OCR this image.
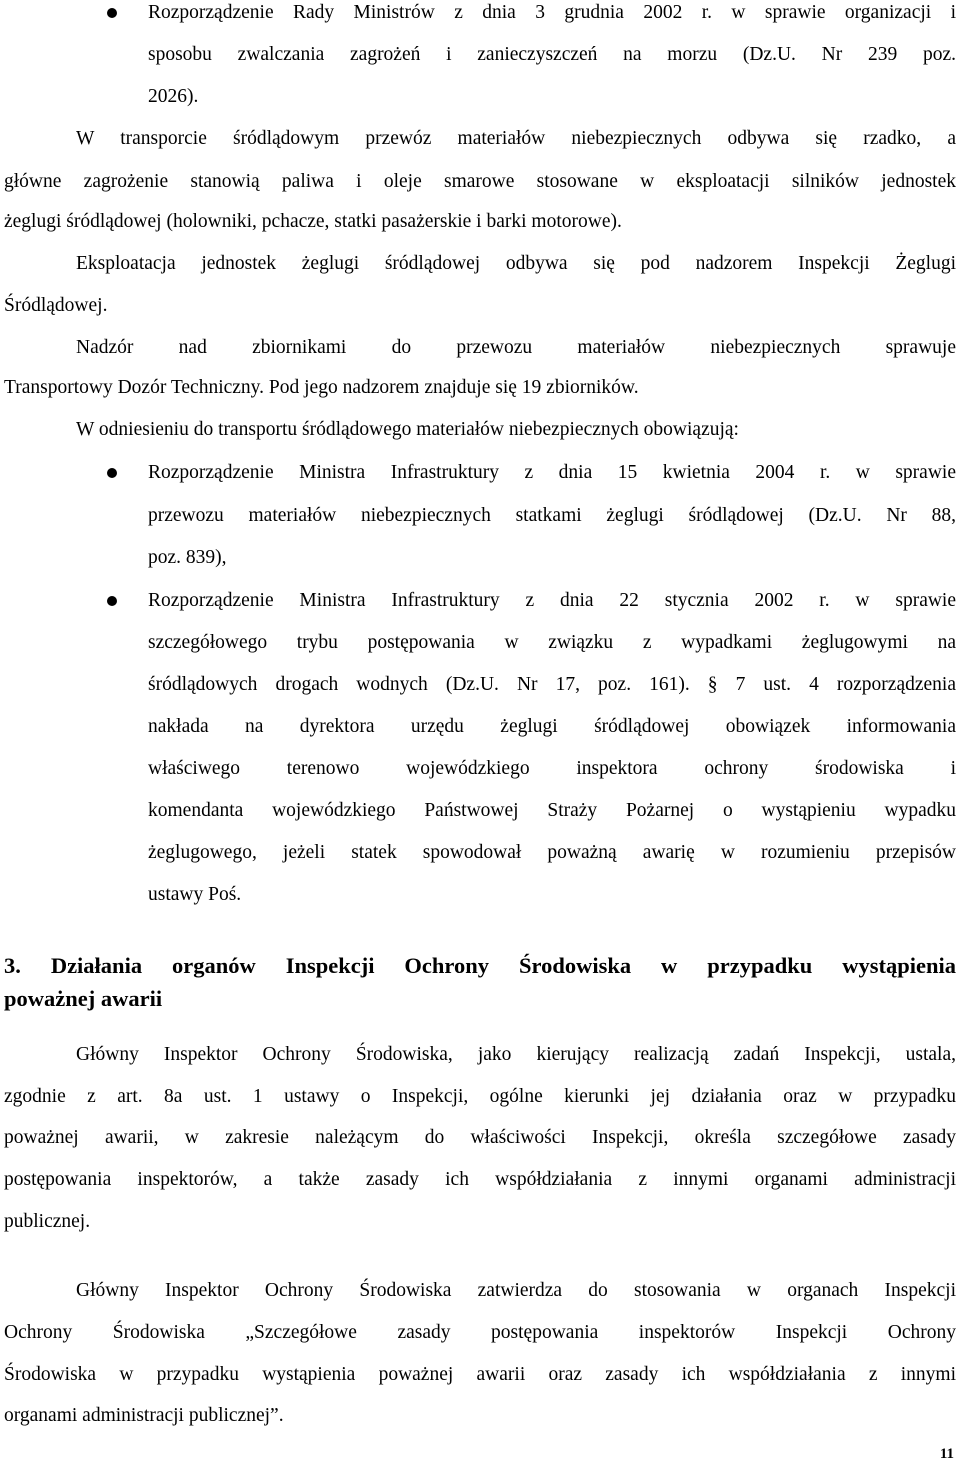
Rozporządzenie Rady Ministrów z dnia 3 grudnia 2002 r. w sprawie organizacji i
sposobu zwalczania zagrożeń i zanieczyszczeń na morzu (Dz.U. Nr 239 poz.
2026).
W transporcie śródlądowym przewóz materiałów niebezpiecznych odbywa się rzadko, a
główne zagrożenie stanowią paliwa i oleje smarowe stosowane w eksploatacji silników jednostek
żeglugi śródlądowej (holowniki, pchacze, statki pasażerskie i barki motorowe).
Eksploatacja jednostek żeglugi śródlądowej odbywa się pod nadzorem Inspekcji Żeglugi
Śródlądowej.
Nadzór nad zbiornikami do przewozu materiałów niebezpiecznych sprawuje
Transportowy Dozór Techniczny. Pod jego nadzorem znajduje się 19 zbiorników.
W odniesieniu do transportu śródlądowego materiałów niebezpiecznych obowiązują:
Rozporządzenie Ministra Infrastruktury z dnia 15 kwietnia 2004 r. w sprawie
przewozu materiałów niebezpiecznych statkami żeglugi śródlądowej (Dz.U. Nr 88,
poz. 839),
Rozporządzenie Ministra Infrastruktury z dnia 22 stycznia 2002 r. w sprawie
szczegółowego trybu postępowania w związku z wypadkami żeglugowymi na
śródlądowych drogach wodnych (Dz.U. Nr 17, poz. 161). § 7 ust. 4 rozporządzenia
nakłada na dyrektora urzędu żeglugi śródlądowej obowiązek informowania
właściwego terenowo wojewódzkiego inspektora ochrony środowiska i
komendanta wojewódzkiego Państwowej Straży Pożarnej o wystąpieniu wypadku
żeglugowego, jeżeli statek spowodował poważną awarię w rozumieniu przepisów
ustawy Poś.
3. Działania organów Inspekcji Ochrony Środowiska w przypadku wystąpienia
poważnej awarii
Główny Inspektor Ochrony Środowiska, jako kierujący realizacją zadań Inspekcji, ustala,
zgodnie z art. 8a ust. 1 ustawy o Inspekcji, ogólne kierunki jej działania oraz w przypadku
poważnej awarii, w zakresie należącym do właściwości Inspekcji, określa szczegółowe zasady
postępowania inspektorów, a także zasady ich współdziałania z innymi organami administracji
publicznej.
Główny Inspektor Ochrony Środowiska zatwierdza do stosowania w organach Inspekcji
Ochrony Środowiska „Szczegółowe zasady postępowania inspektorów Inspekcji Ochrony
Środowiska w przypadku wystąpienia poważnej awarii oraz zasady ich współdziałania z innymi
organami administracji publicznej”.
11
